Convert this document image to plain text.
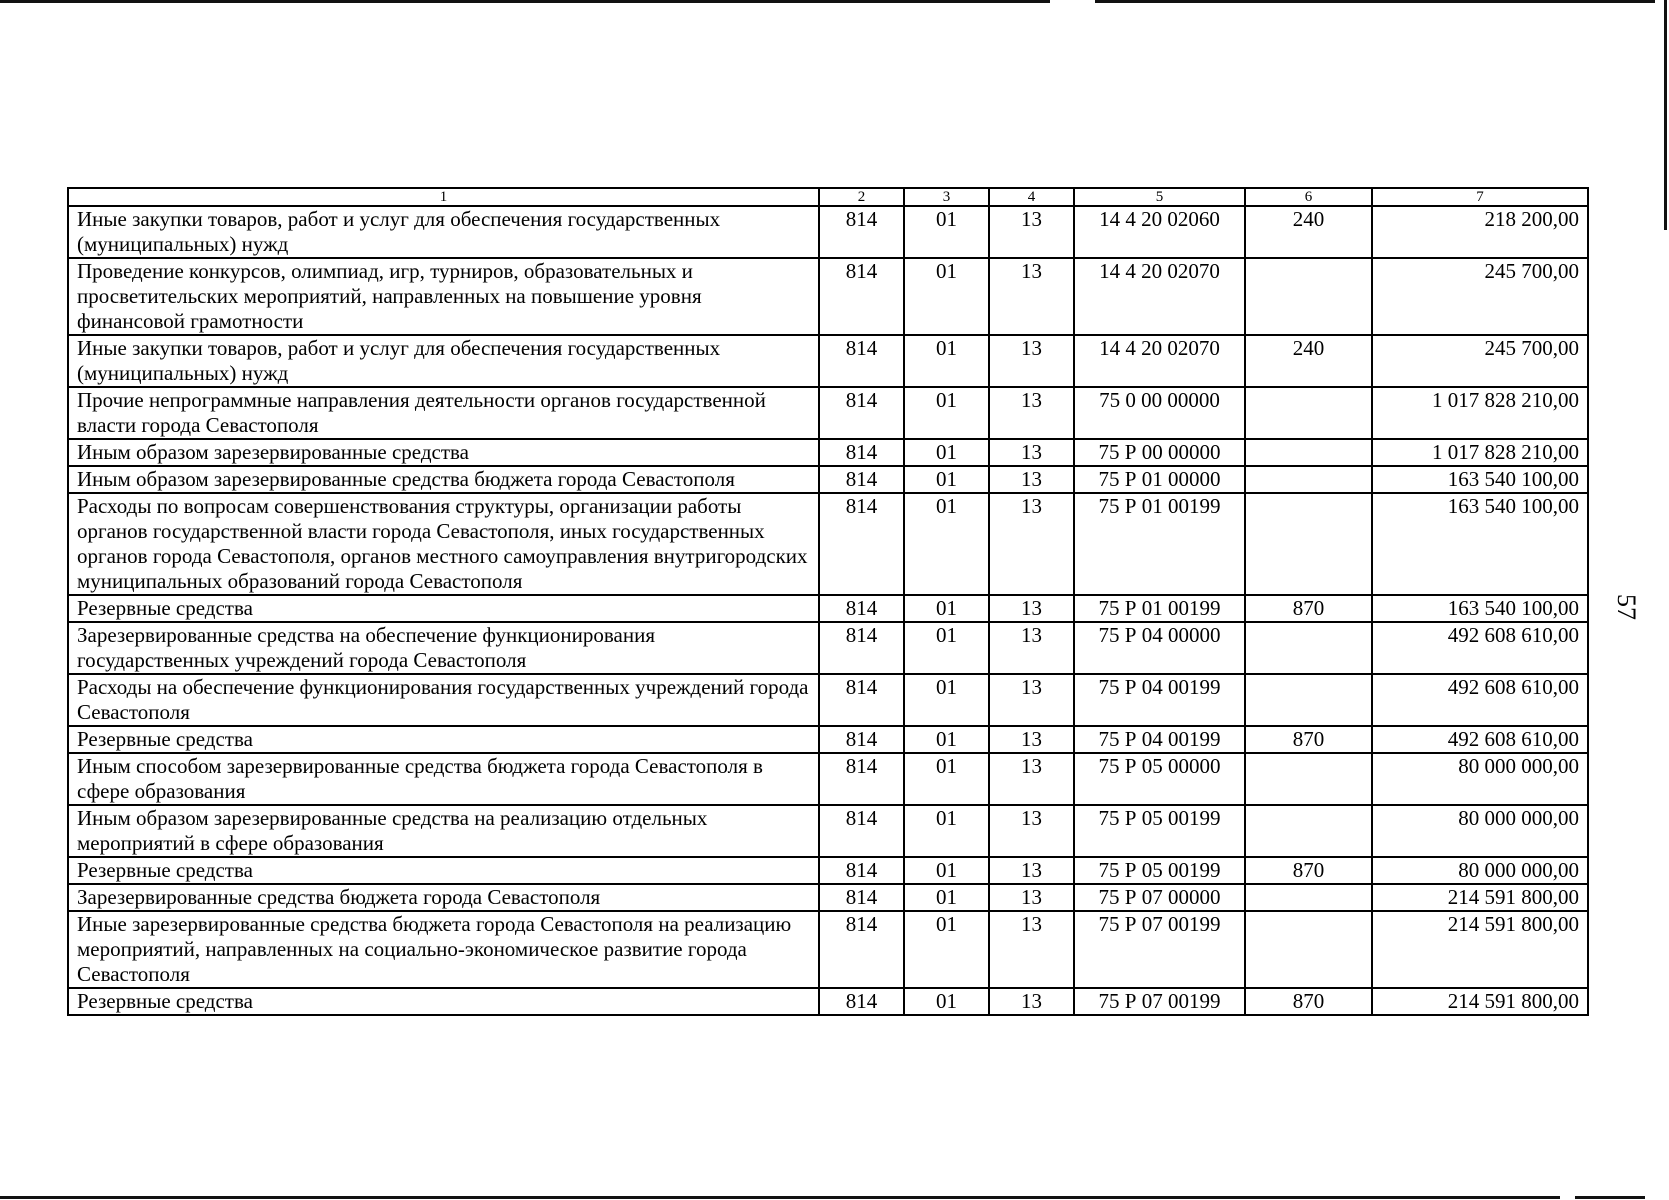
57
1	2	3	4	5	6	7
Иные закупки товаров, работ и услуг для обеспечения государственных (муниципальных) нужд	814	01	13	14 4 20 02060	240	218 200,00
Проведение конкурсов, олимпиад, игр, турниров, образовательных и просветительских мероприятий, направленных на повышение уровня финансовой грамотности	814	01	13	14 4 20 02070		245 700,00
Иные закупки товаров, работ и услуг для обеспечения государственных (муниципальных) нужд	814	01	13	14 4 20 02070	240	245 700,00
Прочие непрограммные направления деятельности органов государственной власти города Севастополя	814	01	13	75 0 00 00000		1 017 828 210,00
Иным образом зарезервированные средства	814	01	13	75 Р 00 00000		1 017 828 210,00
Иным образом зарезервированные средства бюджета города Севастополя	814	01	13	75 Р 01 00000		163 540 100,00
Расходы по вопросам совершенствования структуры, организации работы органов государственной власти города Севастополя, иных государственных органов города Севастополя, органов местного самоуправления внутригородских муниципальных образований города Севастополя	814	01	13	75 Р 01 00199		163 540 100,00
Резервные средства	814	01	13	75 Р 01 00199	870	163 540 100,00
Зарезервированные средства на обеспечение функционирования государственных учреждений города Севастополя	814	01	13	75 Р 04 00000		492 608 610,00
Расходы на обеспечение функционирования государственных учреждений города Севастополя	814	01	13	75 Р 04 00199		492 608 610,00
Резервные средства	814	01	13	75 Р 04 00199	870	492 608 610,00
Иным способом зарезервированные средства бюджета города Севастополя в сфере образования	814	01	13	75 Р 05 00000		80 000 000,00
Иным образом зарезервированные средства на реализацию отдельных мероприятий в сфере образования	814	01	13	75 Р 05 00199		80 000 000,00
Резервные средства	814	01	13	75 Р 05 00199	870	80 000 000,00
Зарезервированные средства бюджета города Севастополя	814	01	13	75 Р 07 00000		214 591 800,00
Иные зарезервированные средства бюджета города Севастополя на реализацию мероприятий, направленных на социально-экономическое развитие города Севастополя	814	01	13	75 Р 07 00199		214 591 800,00
Резервные средства	814	01	13	75 Р 07 00199	870	214 591 800,00
